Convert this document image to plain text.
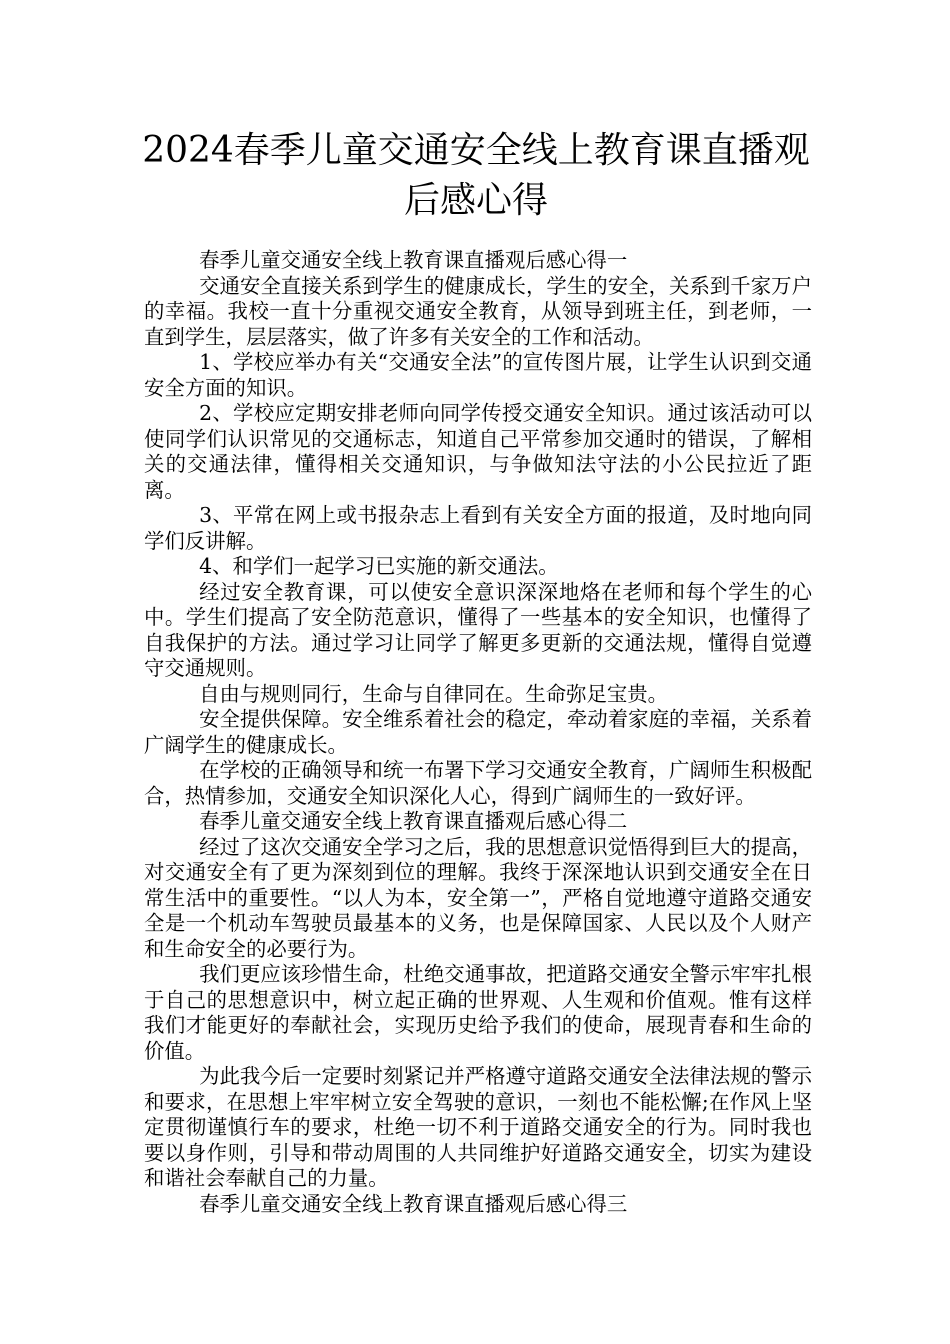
2024春季儿童交通安全线上教育课直播观
后感心得

春季儿童交通安全线上教育课直播观后感心得一

交通安全直接关系到学生的健康成长，学生的安全，关系到千家万户的幸福。我校一直十分重视交通安全教育，从领导到班主任，到老师，一直到学生，层层落实，做了许多有关安全的工作和活动。

1、学校应举办有关“交通安全法”的宣传图片展，让学生认识到交通安全方面的知识。

2、学校应定期安排老师向同学传授交通安全知识。通过该活动可以使同学们认识常见的交通标志，知道自己平常参加交通时的错误，了解相关的交通法律，懂得相关交通知识，与争做知法守法的小公民拉近了距离。

3、平常在网上或书报杂志上看到有关安全方面的报道，及时地向同学们反讲解。

4、和学们一起学习已实施的新交通法。

经过安全教育课，可以使安全意识深深地烙在老师和每个学生的心中。学生们提高了安全防范意识，懂得了一些基本的安全知识，也懂得了自我保护的方法。通过学习让同学了解更多更新的交通法规，懂得自觉遵守交通规则。

自由与规则同行，生命与自律同在。生命弥足宝贵。

安全提供保障。安全维系着社会的稳定，牵动着家庭的幸福，关系着广阔学生的健康成长。

在学校的正确领导和统一布署下学习交通安全教育，广阔师生积极配合，热情参加，交通安全知识深化人心，得到广阔师生的一致好评。

春季儿童交通安全线上教育课直播观后感心得二

经过了这次交通安全学习之后，我的思想意识觉悟得到巨大的提高，对交通安全有了更为深刻到位的理解。我终于深深地认识到交通安全在日常生活中的重要性。“以人为本，安全第一”，严格自觉地遵守道路交通安全是一个机动车驾驶员最基本的义务，也是保障国家、人民以及个人财产和生命安全的必要行为。

我们更应该珍惜生命，杜绝交通事故，把道路交通安全警示牢牢扎根于自己的思想意识中，树立起正确的世界观、人生观和价值观。惟有这样我们才能更好的奉献社会，实现历史给予我们的使命，展现青春和生命的价值。

为此我今后一定要时刻紧记并严格遵守道路交通安全法律法规的警示和要求，在思想上牢牢树立安全驾驶的意识，一刻也不能松懈;在作风上坚定贯彻谨慎行车的要求，杜绝一切不利于道路交通安全的行为。同时我也要以身作则，引导和带动周围的人共同维护好道路交通安全，切实为建设和谐社会奉献自己的力量。

春季儿童交通安全线上教育课直播观后感心得三
